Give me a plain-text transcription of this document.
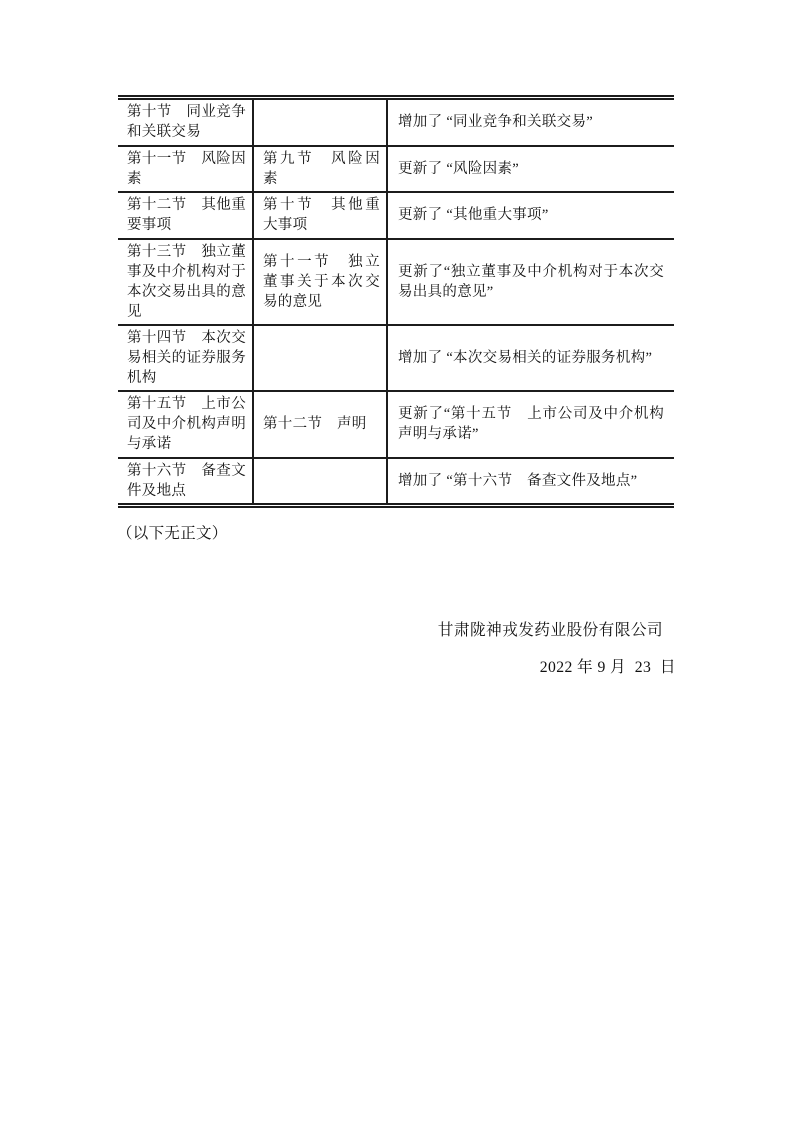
第十节　同业竞争和关联交易		增加了 “同业竞争和关联交易”
第十一节　风险因素	第九节　风险因素	更新了 “风险因素”
第十二节　其他重要事项	第十节　其他重大事项	更新了 “其他重大事项”
第十三节　独立董事及中介机构对于本次交易出具的意见	第十一节　独立董事关于本次交易的意见	更新了“独立董事及中介机构对于本次交易出具的意见”
第十四节　本次交易相关的证券服务机构		增加了 “本次交易相关的证券服务机构”
第十五节　上市公司及中介机构声明与承诺	第十二节　声明	更新了“第十五节　上市公司及中介机构声明与承诺”
第十六节　备查文件及地点		增加了 “第十六节　备查文件及地点”
（以下无正文）
甘肃陇神戎发药业股份有限公司
2022 年 9 月  23  日
